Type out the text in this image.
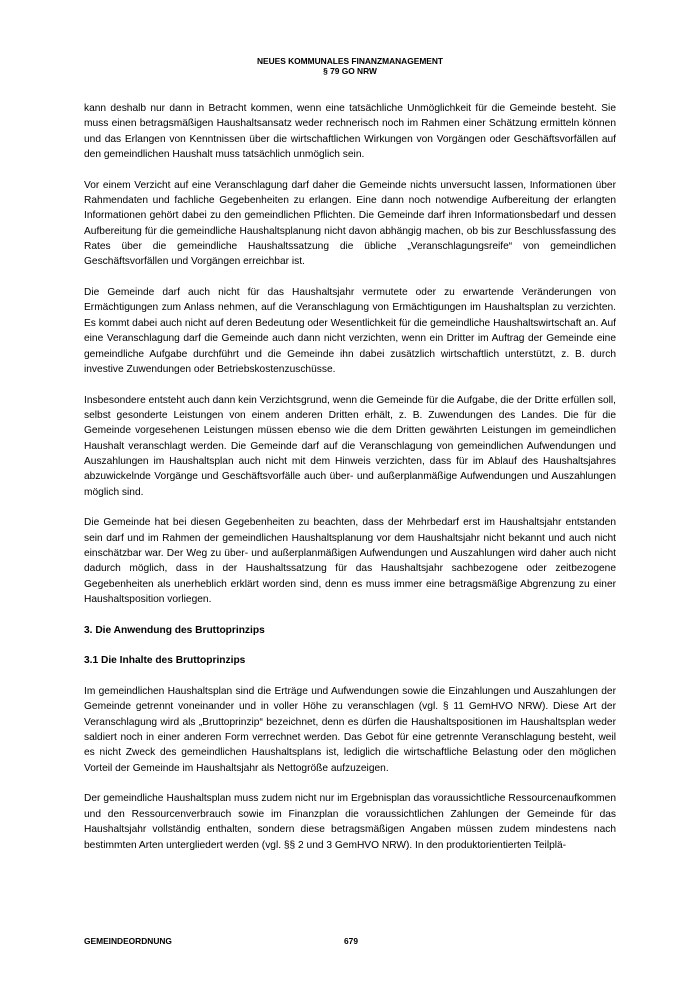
NEUES KOMMUNALES FINANZMANAGEMENT
§ 79 GO NRW

kann deshalb nur dann in Betracht kommen, wenn eine tatsächliche Unmöglichkeit für die Gemeinde besteht. Sie muss einen betragsmäßigen Haushaltsansatz weder rechnerisch noch im Rahmen einer Schätzung ermitteln können und das Erlangen von Kenntnissen über die wirtschaftlichen Wirkungen von Vorgängen oder Geschäftsvorfällen auf den gemeindlichen Haushalt muss tatsächlich unmöglich sein.

Vor einem Verzicht auf eine Veranschlagung darf daher die Gemeinde nichts unversucht lassen, Informationen über Rahmendaten und fachliche Gegebenheiten zu erlangen. Eine dann noch notwendige Aufbereitung der erlangten Informationen gehört dabei zu den gemeindlichen Pflichten. Die Gemeinde darf ihren Informationsbedarf und dessen Aufbereitung für die gemeindliche Haushaltsplanung nicht davon abhängig machen, ob bis zur Beschlussfassung des Rates über die gemeindliche Haushaltssatzung die übliche „Veranschlagungsreife“ von gemeindlichen Geschäftsvorfällen und Vorgängen erreichbar ist.

Die Gemeinde darf auch nicht für das Haushaltsjahr vermutete oder zu erwartende Veränderungen von Ermächtigungen zum Anlass nehmen, auf die Veranschlagung von Ermächtigungen im Haushaltsplan zu verzichten. Es kommt dabei auch nicht auf deren Bedeutung oder Wesentlichkeit für die gemeindliche Haushaltswirtschaft an. Auf eine Veranschlagung darf die Gemeinde auch dann nicht verzichten, wenn ein Dritter im Auftrag der Gemeinde eine gemeindliche Aufgabe durchführt und die Gemeinde ihn dabei zusätzlich wirtschaftlich unterstützt, z. B. durch investive Zuwendungen oder Betriebskostenzuschüsse.

Insbesondere entsteht auch dann kein Verzichtsgrund, wenn die Gemeinde für die Aufgabe, die der Dritte erfüllen soll, selbst gesonderte Leistungen von einem anderen Dritten erhält, z. B. Zuwendungen des Landes. Die für die Gemeinde vorgesehenen Leistungen müssen ebenso wie die dem Dritten gewährten Leistungen im gemeindlichen Haushalt veranschlagt werden. Die Gemeinde darf auf die Veranschlagung von gemeindlichen Aufwendungen und Auszahlungen im Haushaltsplan auch nicht mit dem Hinweis verzichten, dass für im Ablauf des Haushaltsjahres abzuwickelnde Vorgänge und Geschäftsvorfälle auch über- und außerplanmäßige Aufwendungen und Auszahlungen möglich sind.

Die Gemeinde hat bei diesen Gegebenheiten zu beachten, dass der Mehrbedarf erst im Haushaltsjahr entstanden sein darf und im Rahmen der gemeindlichen Haushaltsplanung vor dem Haushaltsjahr nicht bekannt und auch nicht einschätzbar war. Der Weg zu über- und außerplanmäßigen Aufwendungen und Auszahlungen wird daher auch nicht dadurch möglich, dass in der Haushaltssatzung für das Haushaltsjahr sachbezogene oder zeitbezogene Gegebenheiten als unerheblich erklärt worden sind, denn es muss immer eine betragsmäßige Abgrenzung zu einer Haushaltsposition vorliegen.

3. Die Anwendung des Bruttoprinzips
3.1 Die Inhalte des Bruttoprinzips

Im gemeindlichen Haushaltsplan sind die Erträge und Aufwendungen sowie die Einzahlungen und Auszahlungen der Gemeinde getrennt voneinander und in voller Höhe zu veranschlagen (vgl. § 11 GemHVO NRW). Diese Art der Veranschlagung wird als „Bruttoprinzip“ bezeichnet, denn es dürfen die Haushaltspositionen im Haushaltsplan weder saldiert noch in einer anderen Form verrechnet werden. Das Gebot für eine getrennte Veranschlagung besteht, weil es nicht Zweck des gemeindlichen Haushaltsplans ist, lediglich die wirtschaftliche Belastung oder den möglichen Vorteil der Gemeinde im Haushaltsjahr als Nettogröße aufzuzeigen.

Der gemeindliche Haushaltsplan muss zudem nicht nur im Ergebnisplan das voraussichtliche Ressourcenaufkommen und den Ressourcenverbrauch sowie im Finanzplan die voraussichtlichen Zahlungen der Gemeinde für das Haushaltsjahr vollständig enthalten, sondern diese betragsmäßigen Angaben müssen zudem mindestens nach bestimmten Arten untergliedert werden (vgl. §§ 2 und 3 GemHVO NRW). In den produktorientierten Teilplä-

GEMEINDEORDNUNG	679
